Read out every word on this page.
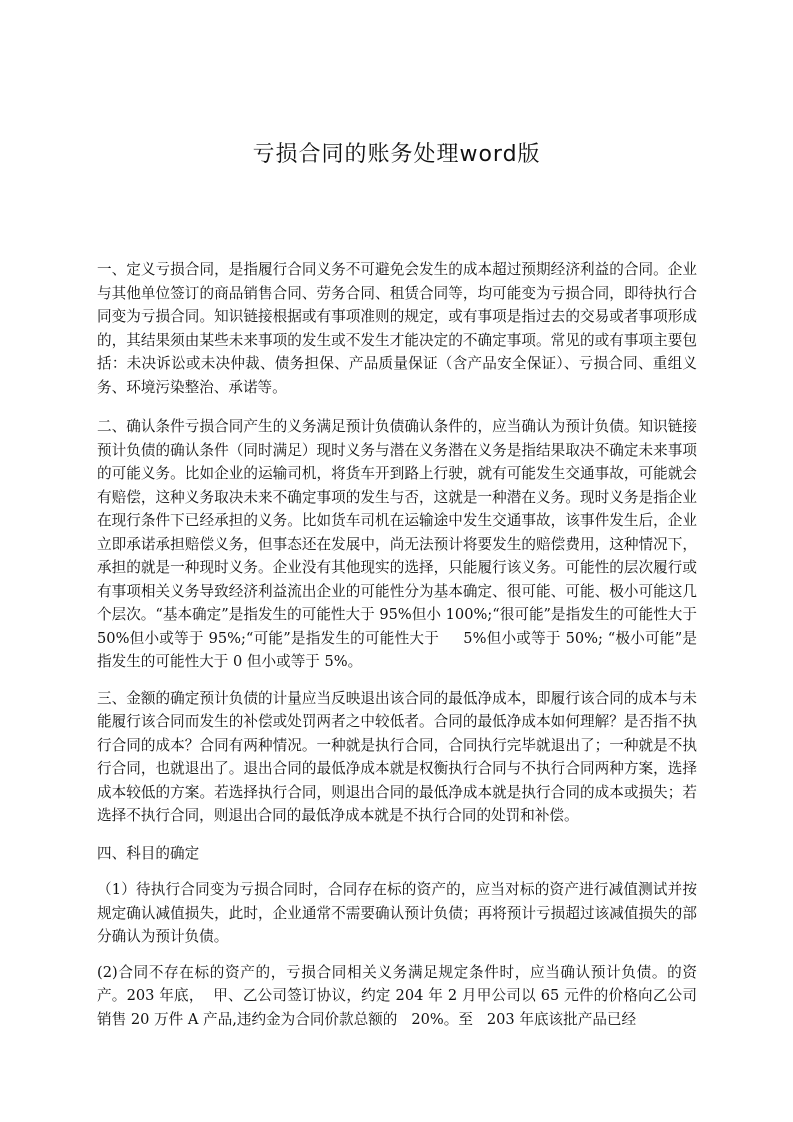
亏损合同的账务处理word版

一、定义亏损合同，是指履行合同义务不可避免会发生的成本超过预期经济利益的合同。企业与其他单位签订的商品销售合同、劳务合同、租赁合同等，均可能变为亏损合同，即待执行合同变为亏损合同。知识链接根据或有事项准则的规定，或有事项是指过去的交易或者事项形成的，其结果须由某些未来事项的发生或不发生才能决定的不确定事项。常见的或有事项主要包括：未决诉讼或未决仲裁、债务担保、产品质量保证（含产品安全保证）、亏损合同、重组义务、环境污染整治、承诺等。

二、确认条件亏损合同产生的义务满足预计负债确认条件的，应当确认为预计负债。知识链接预计负债的确认条件（同时满足）现时义务与潜在义务潜在义务是指结果取决不确定未来事项的可能义务。比如企业的运输司机，将货车开到路上行驶，就有可能发生交通事故，可能就会有赔偿，这种义务取决未来不确定事项的发生与否，这就是一种潜在义务。现时义务是指企业在现行条件下已经承担的义务。比如货车司机在运输途中发生交通事故，该事件发生后，企业立即承诺承担赔偿义务，但事态还在发展中，尚无法预计将要发生的赔偿费用，这种情况下，承担的就是一种现时义务。企业没有其他现实的选择，只能履行该义务。可能性的层次履行或有事项相关义务导致经济利益流出企业的可能性分为基本确定、很可能、可能、极小可能这几个层次。“基本确定”是指发生的可能性大于 95%但小 100%;“很可能”是指发生的可能性大于     50%但小或等于 95%;“可能”是指发生的可能性大于     5%但小或等于 50%; “极小可能”是指发生的可能性大于 0 但小或等于 5%。

三、金额的确定预计负债的计量应当反映退出该合同的最低净成本，即履行该合同的成本与未能履行该合同而发生的补偿或处罚两者之中较低者。合同的最低净成本如何理解？是否指不执行合同的成本？合同有两种情况。一种就是执行合同，合同执行完毕就退出了；一种就是不执行合同，也就退出了。退出合同的最低净成本就是权衡执行合同与不执行合同两种方案，选择成本较低的方案。若选择执行合同，则退出合同的最低净成本就是执行合同的成本或损失；若选择不执行合同，则退出合同的最低净成本就是不执行合同的处罚和补偿。

四、科目的确定

（1）待执行合同变为亏损合同时，合同存在标的资产的，应当对标的资产进行减值测试并按规定确认减值损失，此时，企业通常不需要确认预计负债；再将预计亏损超过该减值损失的部分确认为预计负债。

(2)合同不存在标的资产的，亏损合同相关义务满足规定条件时，应当确认预计负债。的资产。203 年底，  甲、乙公司签订协议，约定 204 年 2 月甲公司以 65 元件的价格向乙公司销售 20 万件 A 产品,违约金为合同价款总额的   20%。至   203 年底该批产品已经
